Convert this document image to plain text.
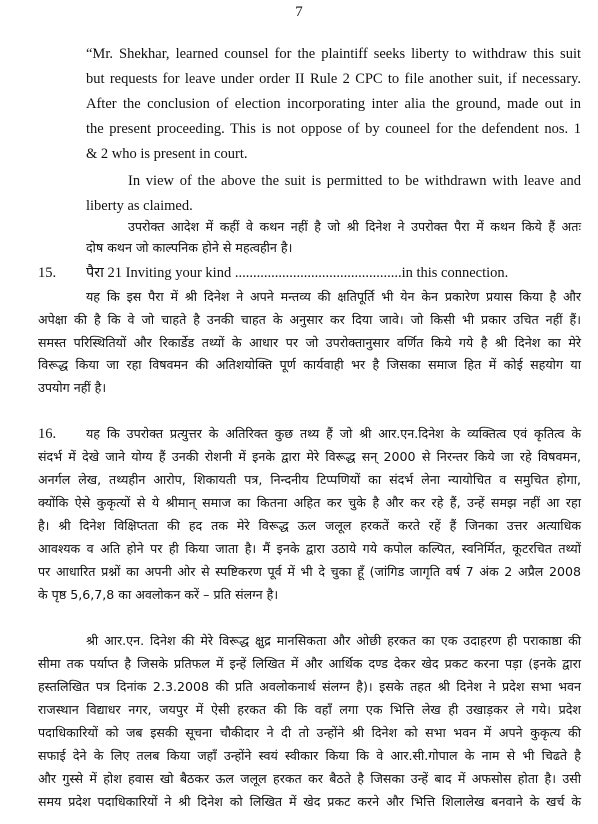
7
“Mr. Shekhar, learned counsel for the plaintiff seeks liberty to withdraw this suit
but requests for leave under order II Rule 2 CPC to file another suit, if necessary.
After the conclusion of election incorporating inter alia the ground, made out in
the present proceeding. This is not oppose of by couneel for the defendent nos. 1
& 2 who is present in court.
In view of the above the suit is permitted to be withdrawn with leave and
liberty as claimed.
उपरोक्त आदेश में कहीं वे कथन नहीं है जो श्री दिनेश ने उपरोक्त पैरा में कथन किये हैं अतः
दोष कथन जो काल्पनिक होने से महत्वहीन है।
15. पैरा 21 Inviting your kind ..............................................in this connection.
यह कि इस पैरा में श्री दिनेश ने अपने मन्तव्य की क्षतिपूर्ति भी येन केन प्रकारेण प्रयास किया है और
अपेक्षा की है कि वे जो चाहते है उनकी चाहत के अनुसार कर दिया जावे। जो किसी भी प्रकार उचित नहीं हैं।
समस्त परिस्थितियों और रिकार्डेड तथ्यों के आधार पर जो उपरोक्तानुसार वर्णित किये गये है श्री दिनेश का मेरे
विरूद्ध किया जा रहा विषवमन की अतिशयोक्ति पूर्ण कार्यवाही भर है जिसका समाज हित में कोई सहयोग या
उपयोग नहीं है।
16. यह कि उपरोक्त प्रत्युत्तर के अतिरिक्त कुछ तथ्य हैं जो श्री आर.एन.दिनेश के व्यक्तित्व एवं कृतित्व के
संदर्भ में देखे जाने योग्य हैं उनकी रोशनी में इनके द्वारा मेरे विरूद्ध सन् 2000 से निरन्तर किये जा रहे विषवमन,
अनर्गल लेख, तथ्यहीन आरोप, शिकायती पत्र, निन्दनीय टिप्पणियों का संदर्भ लेना न्यायोचित व समुचित होगा,
क्योंकि ऐसे कुकृत्यों से ये श्रीमान् समाज का कितना अहित कर चुके है और कर रहे हैं, उन्हें समझ नहीं आ रहा
है। श्री दिनेश विक्षिप्तता की हद तक मेरे विरूद्ध ऊल जलूल हरकतें करते रहें हैं जिनका उत्तर अत्याधिक
आवश्यक व अति होने पर ही किया जाता है। मैं इनके द्वारा उठाये गये कपोल कल्पित, स्वनिर्मित, कूटरचित तथ्यों
पर आधारित प्रश्नों का अपनी ओर से स्पष्टिकरण पूर्व में भी दे चुका हूँ (जांगिड जागृति वर्ष 7 अंक 2 अप्रैल 2008
के पृष्ठ 5,6,7,8 का अवलोकन करें – प्रति संलग्न है।
श्री आर.एन. दिनेश की मेरे विरूद्ध क्षुद्र मानसिकता और ओछी हरकत का एक उदाहरण ही पराकाष्ठा की
सीमा तक पर्याप्त है जिसके प्रतिफल में इन्हें लिखित में और आर्थिक दण्ड देकर खेद प्रकट करना पड़ा (इनके द्वारा
हस्तलिखित पत्र दिनांक 2.3.2008 की प्रति अवलोकनार्थ संलग्न है)। इसके तहत श्री दिनेश ने प्रदेश सभा भवन
राजस्थान विद्याधर नगर, जयपुर में ऐसी हरकत की कि वहाँ लगा एक भित्ति लेख ही उखाड़कर ले गये। प्रदेश
पदाधिकारियों को जब इसकी सूचना चौकीदार ने दी तो उन्होंने श्री दिनेश को सभा भवन में अपने कुकृत्य की
सफाई देने के लिए तलब किया जहाँ उन्होंने स्वयं स्वीकार किया कि वे आर.सी.गोपाल के नाम से भी चिढते है
और गुस्से में होश हवास खो बैठकर ऊल जलूल हरकत कर बैठते है जिसका उन्हें बाद में अफसोस होता है। उसी
समय प्रदेश पदाधिकारियों ने श्री दिनेश को लिखित में खेद प्रकट करने और भित्ति शिलालेख बनवाने के खर्च के
